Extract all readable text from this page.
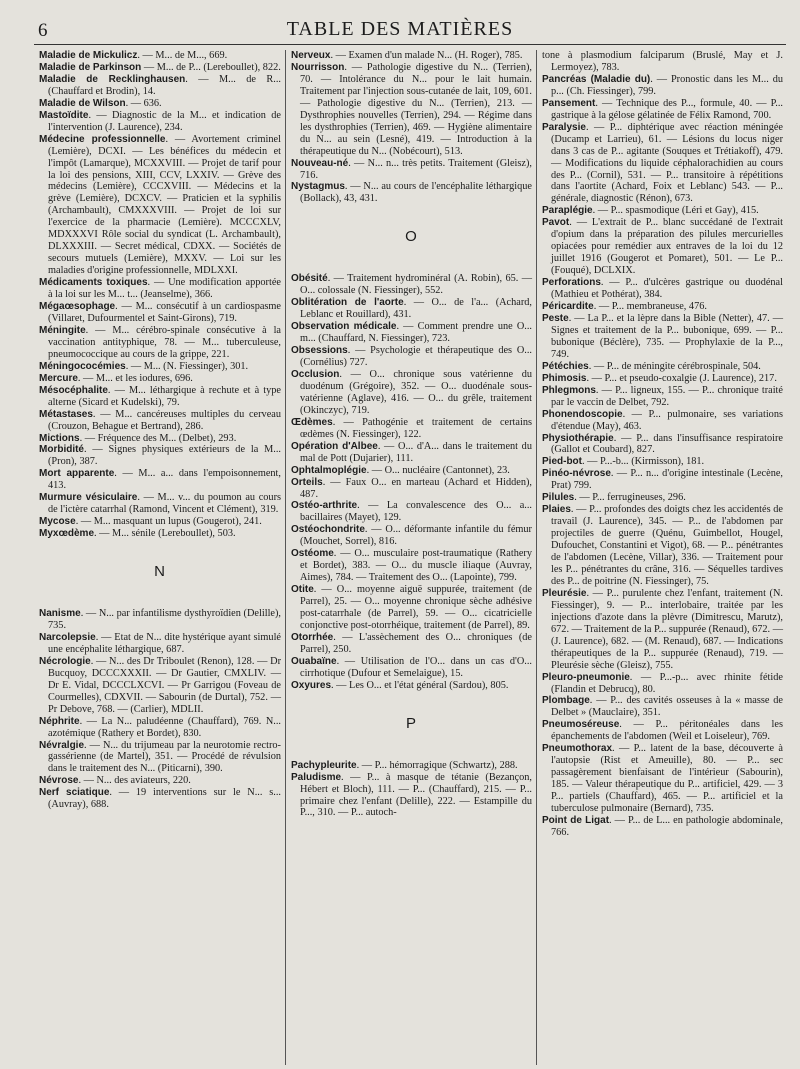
6	TABLE DES MATIÈRES
Maladie de Mickulicz. — M... de M..., 669.
Maladie de Parkinson — M... de P... (Lereboullet), 822.
Maladie de Recklinghausen. — M... de R... (Chauffard et Brodin), 14.
Maladie de Wilson. — 636.
Mastoïdite. — Diagnostic de la M... et indication de l'intervention (J. Laurence), 234.
Médecine professionnelle. — Avortement criminel (Lemière), DCXI. — Les bénéfices du médecin et l'impôt (Lamarque), MCXXVIII. — Projet de tarif pour la loi des pensions, XIII, CCV, LXXIV. — Grève des médecins (Lemière), CCCXVIII. — Médecins et la grève (Lemière), DCXCV. — Praticien et la syphilis (Archambault), CMXXXVIII. — Projet de loi sur l'exercice de la pharmacie (Lemière). MCCCXLV, MDXXXVI Rôle social du syndicat (L. Archambault), DLXXXIII. — Secret médical, CDXX. — Sociétés de secours mutuels (Lemière), MXXV. — Loi sur les maladies d'origine professionnelle, MDLXXI.
Médicaments toxiques. — Une modification apportée à la loi sur les M... t... (Jeanselme), 366.
Mégaœsophage. — M... consécutif à un cardiospasme (Villaret, Dufourmentel et Saint-Girons), 719.
Méningite. — M... cérébro-spinale consécutive à la vaccination antityphique, 78. — M... tuberculeuse, pneumococcique au cours de la grippe, 221.
Méningococémies. — M... (N. Fiessinger), 301.
Mercure. — M... et les iodures, 696.
Mésocéphalite. — M... léthargique à rechute et à type alterne (Sicard et Kudelski), 79.
Métastases. — M... cancéreuses multiples du cerveau (Crouzon, Behague et Bertrand), 286.
Mictions. — Fréquence des M... (Delbet), 293.
Morbidité. — Signes physiques extérieurs de la M... (Pron), 387.
Mort apparente. — M... a... dans l'empoisonnement, 413.
Murmure vésiculaire. — M... v... du poumon au cours de l'ictère catarrhal (Ramond, Vincent et Clément), 319.
Mycose. — M... masquant un lupus (Gougerot), 241.
Myxœdème. — M... sénile (Lereboullet), 503.
N
Nanisme. — N... par infantilisme dysthyroïdien (Delille), 735.
Narcolepsie. — Etat de N... dite hystérique ayant simulé une encéphalite léthargique, 687.
Nécrologie. — N... des Dr Triboulet (Renon), 128. — Dr Bucquoy, DCCCXXXII. — Dr Gautier, CMXLIV. — Dr E. Vidal, DCCCLXCVI. — Pr Garrigou (Foveau de Courmelles), CDXVII. — Sabourin (de Durtal), 752. — Pr Debove, 768. — (Carlier), MDLII.
Néphrite. — La N... paludéenne (Chauffard), 769. N... azotémique (Rathery et Bordet), 830.
Névralgie. — N... du trijumeau par la neurotomie rectro-gassérienne (de Martel), 351. — Procédé de révulsion dans le traitement des N... (Piticarni), 390.
Névrose. — N... des aviateurs, 220.
Nerf sciatique. — 19 interventions sur le N... s... (Auvray), 688.
Nerveux. — Examen d'un malade N... (H. Roger), 785.
Nourrisson. — Pathologie digestive du N... (Terrien), 70. — Intolérance du N... pour le lait humain. Traitement par l'injection sous-cutanée de lait, 109, 601. — Pathologie digestive du N... (Terrien), 213. — Dysthrophies nouvelles (Terrien), 294. — Régime dans les dysthrophies (Terrien), 469. — Hygiène alimentaire du N... au sein (Lesné), 419. — Introduction à la thérapeutique du N... (Nobécourt), 513.
Nouveau-né. — N... n... très petits. Traitement (Gleisz), 716.
Nystagmus. — N... au cours de l'encéphalite léthargique (Bollack), 43, 431.
O
Obésité. — Traitement hydrominéral (A. Robin), 65. — O... colossale (N. Fiessinger), 552.
Oblitération de l'aorte. — O... de l'a... (Achard, Leblanc et Rouillard), 431.
Observation médicale. — Comment prendre une O... m... (Chauffard, N. Fiessinger), 723.
Obsessions. — Psychologie et thérapeutique des O... (Cornélius) 727.
Occlusion. — O... chronique sous vatérienne du duodénum (Grégoire), 352. — O... duodénale sous-vatérienne (Aglave), 416. — O... du grêle, traitement (Okinczyc), 719.
Œdèmes. — Pathogénie et traitement de certains œdèmes (N. Fiessinger), 122.
Opération d'Albee. — O... d'A... dans le traitement du mal de Pott (Dujarier), 111.
Ophtalmoplégie. — O... nucléaire (Cantonnet), 23.
Orteils. — Faux O... en marteau (Achard et Hidden), 487.
Ostéo-arthrite. — La convalescence des O... a... bacillaires (Mayet), 129.
Ostéochondrite. — O... déformante infantile du fémur (Mouchet, Sorrel), 816.
Ostéome. — O... musculaire post-traumatique (Rathery et Bordet), 383. — O... du muscle iliaque (Auvray, Aimes), 784. — Traitement des O... (Lapointe), 799.
Otite. — O... moyenne aiguë suppurée, traitement (de Parrel), 25. — O... moyenne chronique sèche adhésive post-catarrhale (de Parrel), 59. — O... cicatricielle conjonctive post-otorrhéique, traitement (de Parrel), 89.
Otorrhée. — L'assèchement des O... chroniques (de Parrel), 250.
Ouabaïne. — Utilisation de l'O... dans un cas d'O... cirrhotique (Dufour et Semelaigue), 15.
Oxyures. — Les O... et l'état général (Sardou), 805.
P
Pachypleurite. — P... hémorragique (Schwartz), 288.
Paludisme. — P... à masque de tétanie (Bezançon, Hébert et Bloch), 111. — P... (Chauffard), 215. — P... primaire chez l'enfant (Delille), 222. — Estampille du P..., 310. — P... autoch-
tone à plasmodium falciparum (Bruslé, May et J. Lermoyez), 783.
Pancréas (Maladie du). — Pronostic dans les M... du p... (Ch. Fiessinger), 799.
Pansement. — Technique des P..., formule, 40. — P... gastrique à la gélose gélatinée de Félix Ramond, 700.
Paralysie. — P... diphtérique avec réaction méningée (Ducamp et Larrieu), 61. — Lésions du locus niger dans 3 cas de P... agitante (Souques et Trétiakoff), 479. — Modifications du liquide céphalorachidien au cours des P... (Cornil), 531. — P... transitoire à répétitions dans l'aortite (Achard, Foix et Leblanc) 543. — P... générale, diagnostic (Rénon), 673.
Paraplégie. — P... spasmodique (Léri et Gay), 415.
Pavot. — L'extrait de P... blanc succédané de l'extrait d'opium dans la préparation des pilules mercurielles opiacées pour remédier aux entraves de la loi du 12 juillet 1916 (Gougerot et Pomaret), 501. — Le P... (Fouqué), DCLXIX.
Perforations. — P... d'ulcères gastrique ou duodénal (Mathieu et Pothérat), 384.
Péricardite. — P... membraneuse, 476.
Peste. — La P... et la lèpre dans la Bible (Netter), 47. — Signes et traitement de la P... bubonique, 699. — P... bubonique (Béclère), 735. — Prophylaxie de la P..., 749.
Pétéchies. — P... de méningite cérébrospinale, 504.
Phimosis. — P... et pseudo-coxalgie (J. Laurence), 217.
Phlegmons. — P... ligneux, 155. — P... chronique traité par le vaccin de Delbet, 792.
Phonendoscopie. — P... pulmonaire, ses variations d'étendue (May), 463.
Physiothérapie. — P... dans l'insuffisance respiratoire (Gallot et Coubard), 827.
Pied-bot. — P...-b... (Kirmisson), 181.
Pinéo-névrose. — P... n... d'origine intestinale (Lecène, Prat) 799.
Pilules. — P... ferrugineuses, 296.
Plaies. — P... profondes des doigts chez les accidentés de travail (J. Laurence), 345. — P... de l'abdomen par projectiles de guerre (Quénu, Guimbellot, Hougel, Dufouchet, Constantini et Vigot), 68. — P... pénétrantes de l'abdomen (Lecène, Villar), 336. — Traitement pour les P... pénétrantes du crâne, 316. — Séquelles tardives des P... de poitrine (N. Fiessinger), 75.
Pleurésie. — P... purulente chez l'enfant, traitement (N. Fiessinger), 9. — P... interlobaire, traitée par les injections d'azote dans la plèvre (Dimitrescu, Marutz), 672. — Traitement de la P... suppurée (Renaud), 672. — (J. Laurence), 682. — (M. Renaud), 687. — Indications thérapeutiques de la P... suppurée (Renaud), 719. — Pleurésie sèche (Gleisz), 755.
Pleuro-pneumonie. — P...-p... avec rhinite fétide (Flandin et Debrucq), 80.
Plombage. — P... des cavités osseuses à la « masse de Delbet » (Mauclaire), 351.
Pneumoséreuse. — P... péritonéales dans les épanchements de l'abdomen (Weil et Loiseleur), 769.
Pneumothorax. — P... latent de la base, découverte à l'autopsie (Rist et Ameuille), 80. — P... sec passagèrement bienfaisant de l'intérieur (Sabourin), 185. — Valeur thérapeutique du P... artificiel, 429. — 3 P... partiels (Chauffard), 465. — P... artificiel et la tuberculose pulmonaire (Bernard), 735.
Point de Ligat. — P... de L... en pathologie abdominale, 766.
